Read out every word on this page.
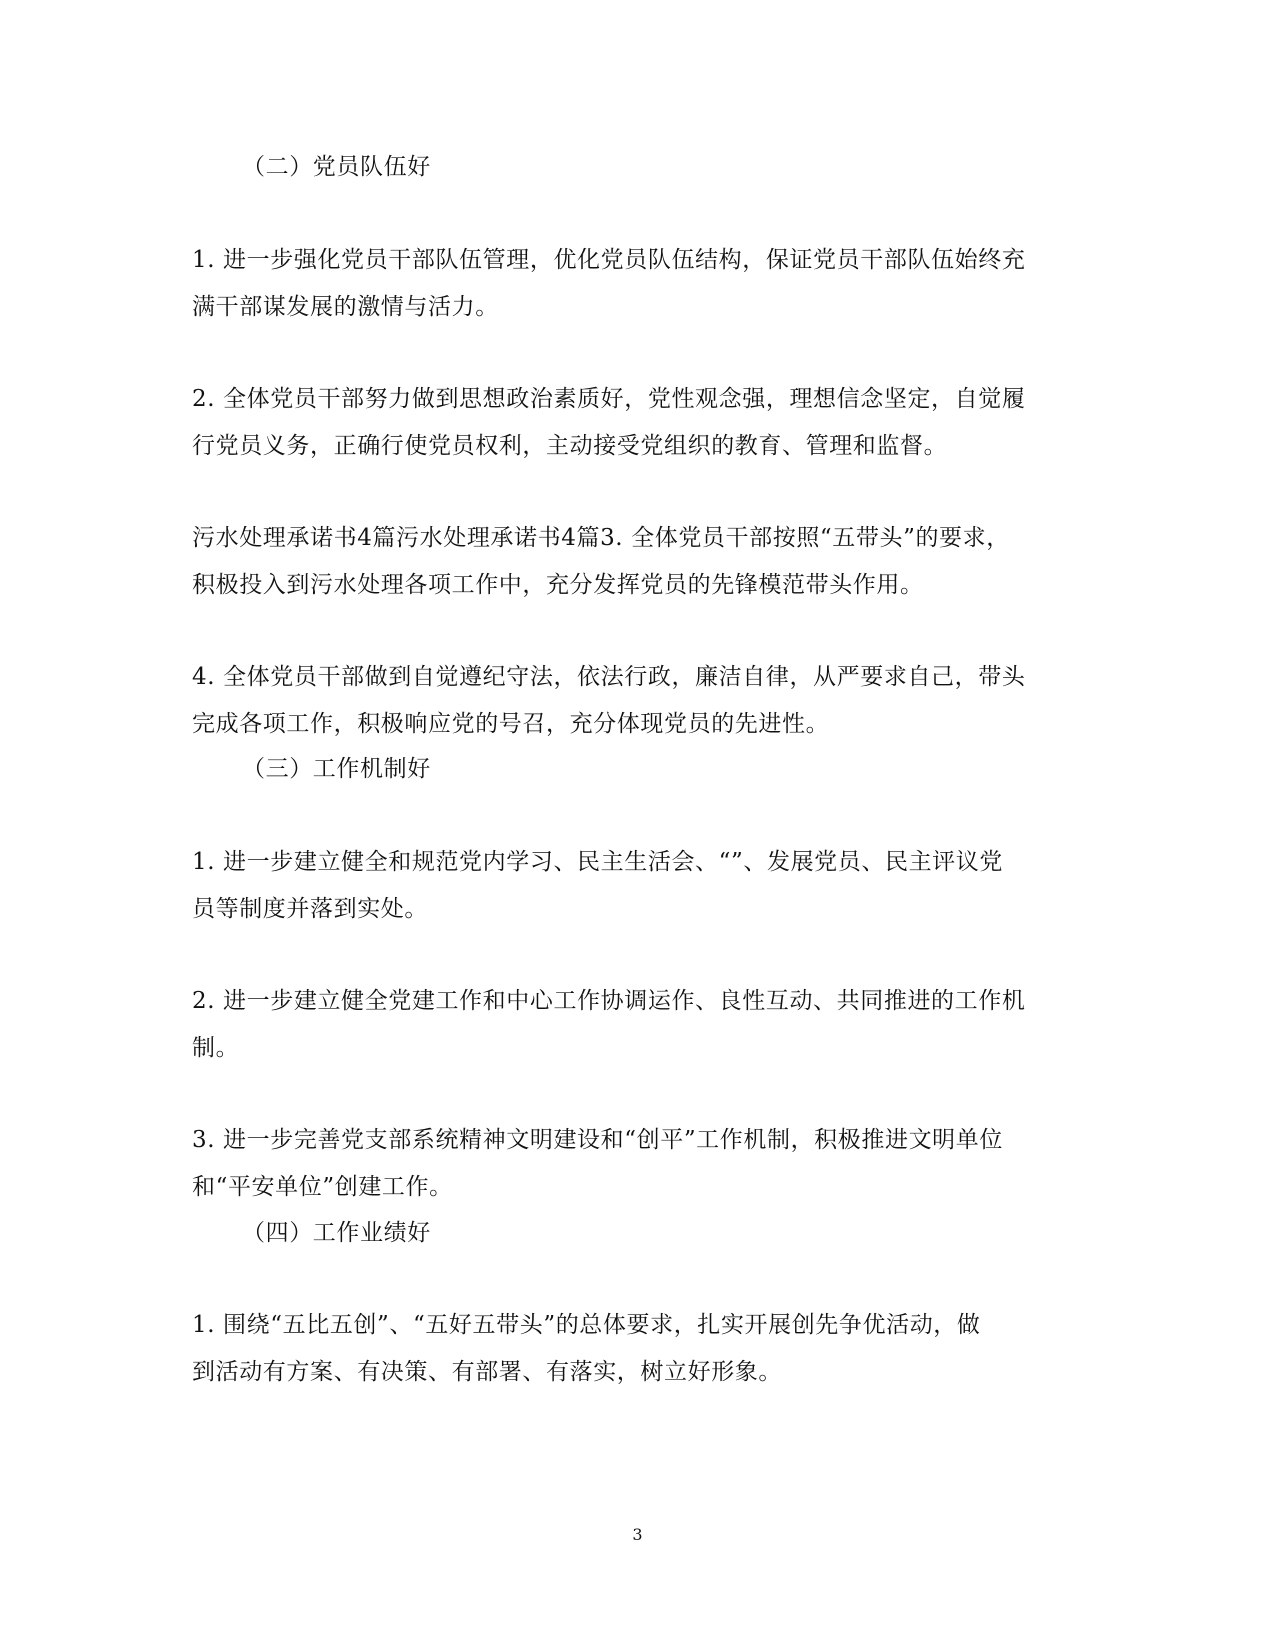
（二）党员队伍好
1. 进一步强化党员干部队伍管理，优化党员队伍结构，保证党员干部队伍始终充
满干部谋发展的激情与活力。
2. 全体党员干部努力做到思想政治素质好，党性观念强，理想信念坚定，自觉履
行党员义务，正确行使党员权利，主动接受党组织的教育、管理和监督。
污水处理承诺书4篇污水处理承诺书4篇3. 全体党员干部按照“五带头”的要求，
积极投入到污水处理各项工作中，充分发挥党员的先锋模范带头作用。
4. 全体党员干部做到自觉遵纪守法，依法行政，廉洁自律，从严要求自己，带头
完成各项工作，积极响应党的号召，充分体现党员的先进性。
（三）工作机制好
1. 进一步建立健全和规范党内学习、民主生活会、“”、发展党员、民主评议党
员等制度并落到实处。
2. 进一步建立健全党建工作和中心工作协调运作、良性互动、共同推进的工作机
制。
3. 进一步完善党支部系统精神文明建设和“创平”工作机制，积极推进文明单位
和“平安单位”创建工作。
（四）工作业绩好
1. 围绕“五比五创”、“五好五带头”的总体要求，扎实开展创先争优活动，做
到活动有方案、有决策、有部署、有落实，树立好形象。
3
